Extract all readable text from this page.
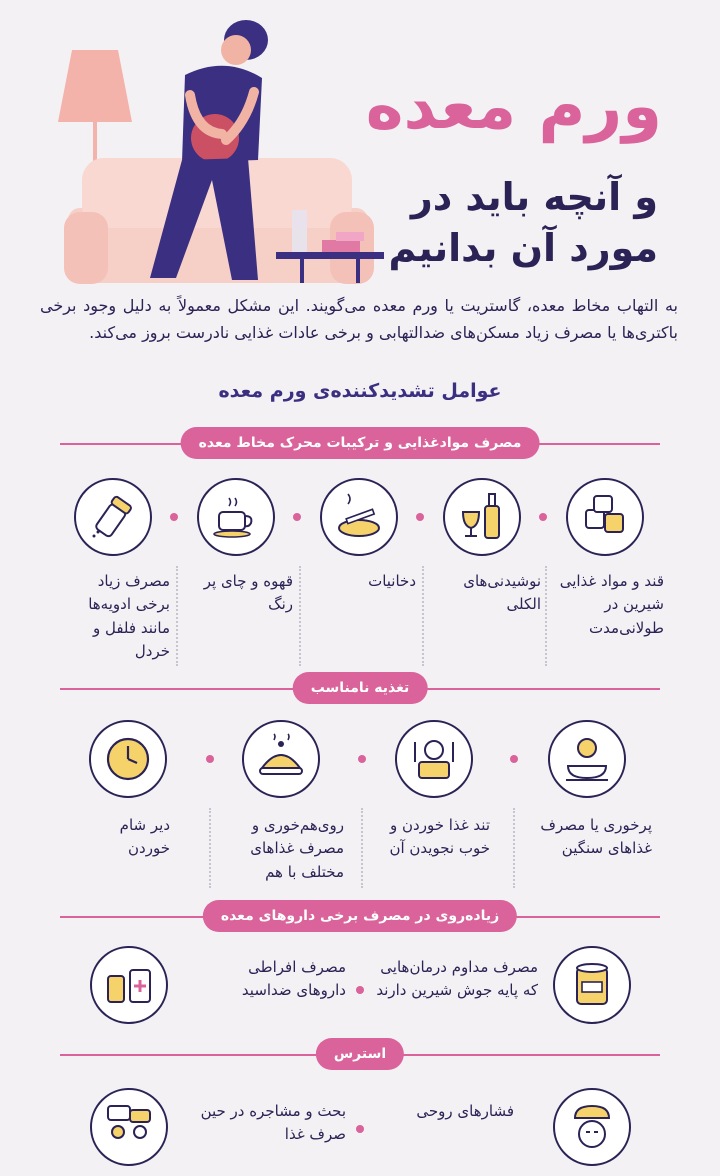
ورم معده
و آنچه باید در
مورد آن بدانیم

به التهاب مخاط معده، گاستریت یا ورم معده می‌گویند. این مشکل معمولاً به دلیل وجود برخی باکتری‌ها یا مصرف زیاد مسکن‌های ضدالتهابی و برخی عادات غذایی نادرست بروز می‌کند.

عوامل تشدیدکننده‌ی ورم معده
مصرف موادغذایی و ترکیبات محرک مخاط معده
قند و مواد غذایی شیرین در طولانی‌مدت
نوشیدنی‌های الکلی
دخانیات
قهوه و چای پر رنگ
مصرف زیاد برخی ادویه‌ها مانند فلفل و خردل
تغذیه نامناسب
پرخوری یا مصرف غذاهای سنگین
تند غذا خوردن و خوب نجویدن آن
روی‌هم‌خوری و مصرف غذاهای مختلف با هم
دیر شام خوردن
زیاده‌روی در مصرف برخی داروهای معده
مصرف مداوم درمان‌هایی که پایه جوش شیرین دارند
مصرف افراطی داروهای ضداسید
استرس
فشارهای روحی
بحث و مشاجره در حین صرف غذا
